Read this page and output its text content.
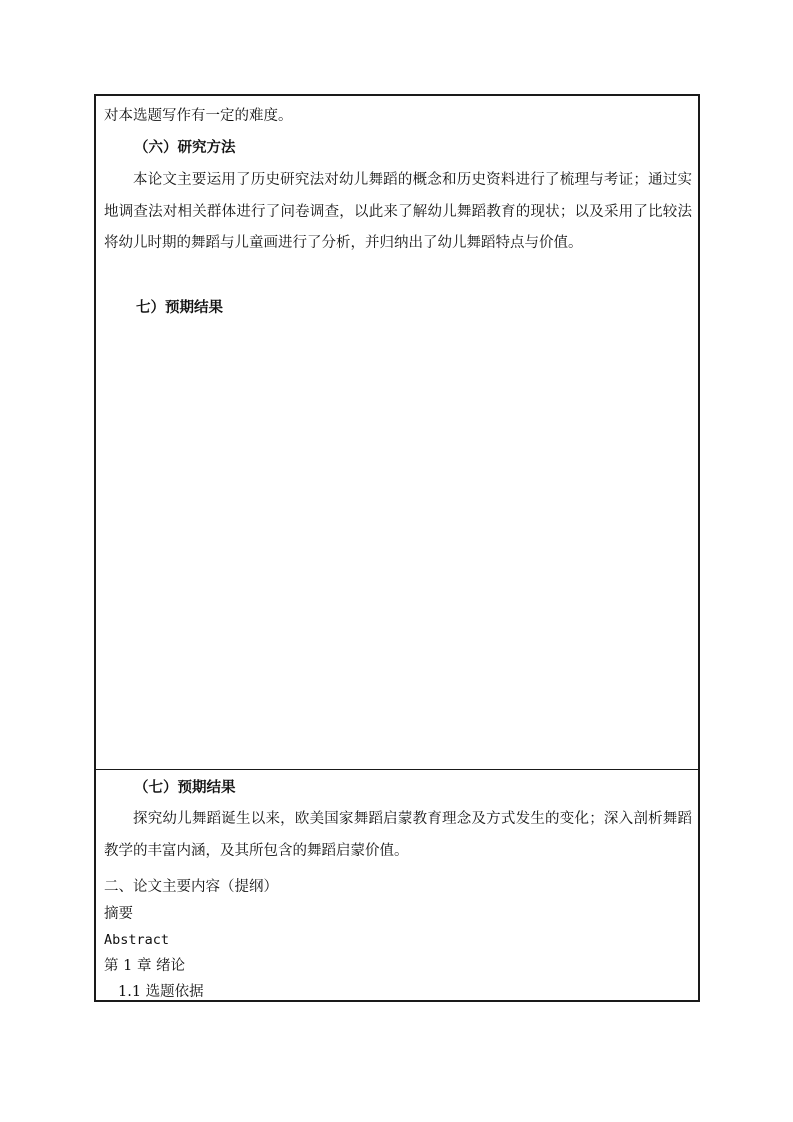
对本选题写作有一定的难度。
（六）研究方法

本论文主要运用了历史研究法对幼儿舞蹈的概念和历史资料进行了梳理与考证；通过实地调查法对相关群体进行了问卷调查，以此来了解幼儿舞蹈教育的现状；以及采用了比较法将幼儿时期的舞蹈与儿童画进行了分析，并归纳出了幼儿舞蹈特点与价值。

七）预期结果
（七）预期结果

探究幼儿舞蹈诞生以来，欧美国家舞蹈启蒙教育理念及方式发生的变化；深入剖析舞蹈教学的丰富内涵，及其所包含的舞蹈启蒙价值。

二、论文主要内容（提纲）
摘要
Abstract
第 1 章 绪论
1.1 选题依据
